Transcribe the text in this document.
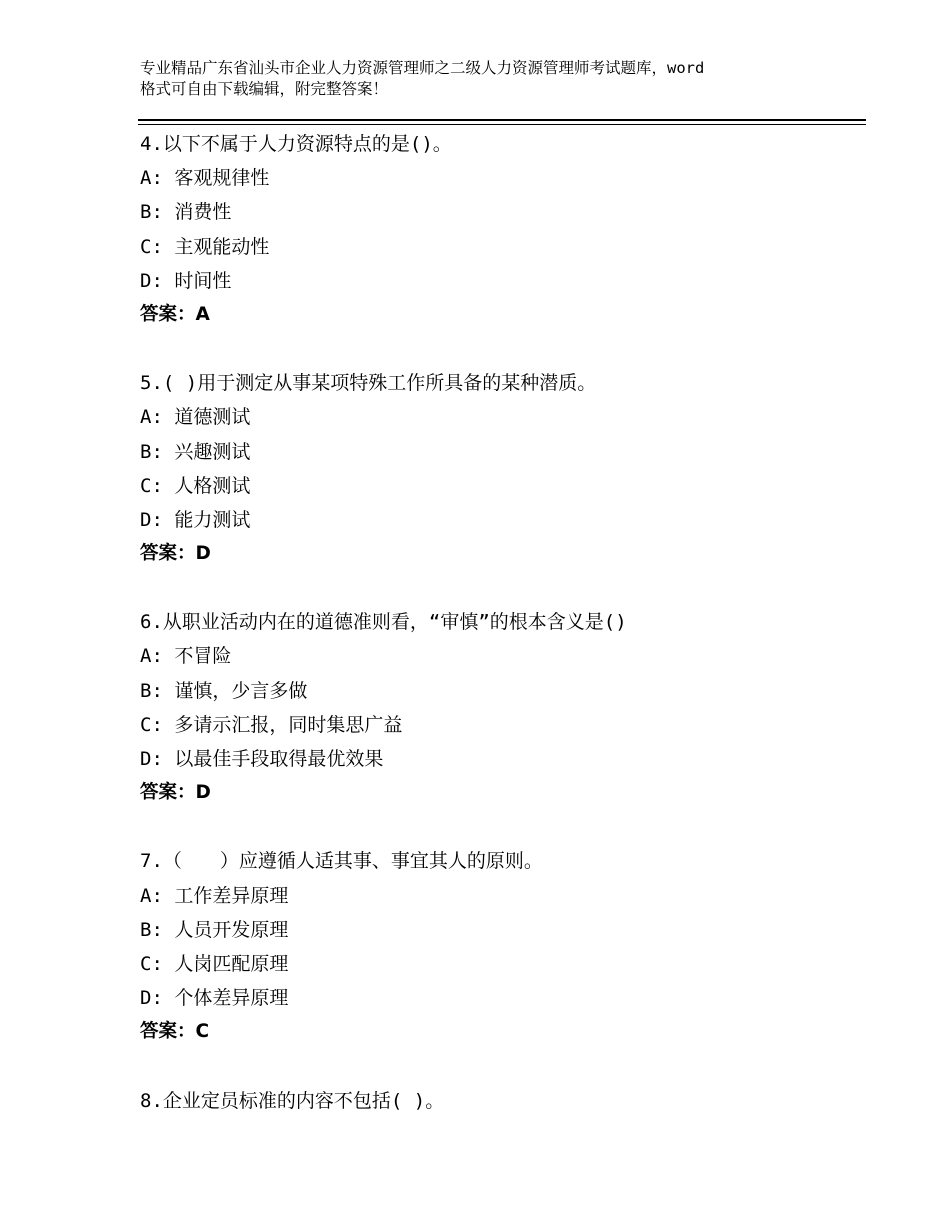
专业精品广东省汕头市企业人力资源管理师之二级人力资源管理师考试题库，word
格式可自由下载编辑，附完整答案！
4.以下不属于人力资源特点的是()。
A: 客观规律性
B: 消费性
C: 主观能动性
D: 时间性
答案：A
5.( )用于测定从事某项特殊工作所具备的某种潜质。
A: 道德测试
B: 兴趣测试
C: 人格测试
D: 能力测试
答案：D
6.从职业活动内在的道德准则看，“审慎”的根本含义是()
A: 不冒险
B: 谨慎，少言多做
C: 多请示汇报，同时集思广益
D: 以最佳手段取得最优效果
答案：D
7.（　　）应遵循人适其事、事宜其人的原则。
A: 工作差异原理
B: 人员开发原理
C: 人岗匹配原理
D: 个体差异原理
答案：C
8.企业定员标准的内容不包括( )。
